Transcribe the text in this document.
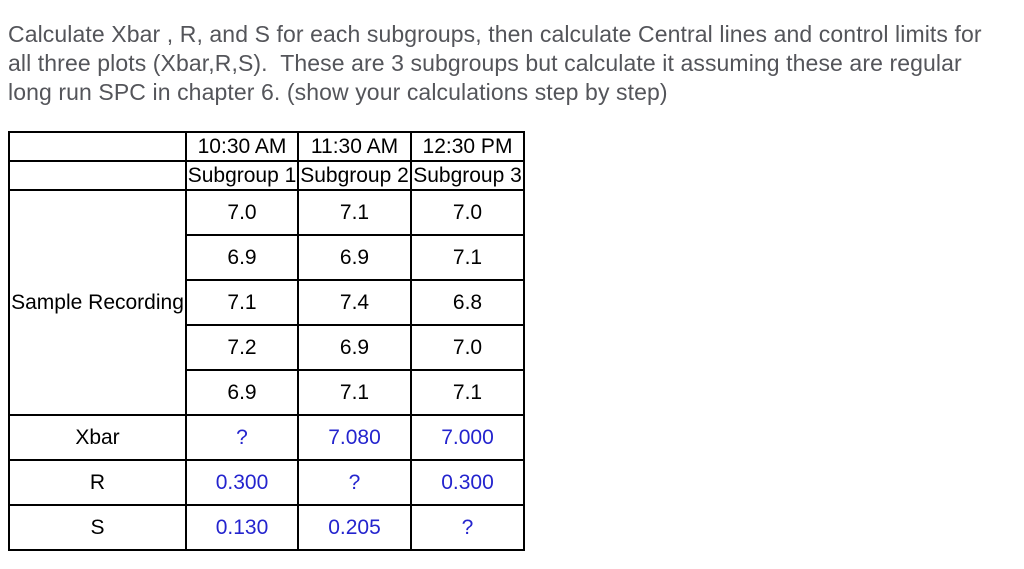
Calculate Xbar , R, and S for each subgroups, then calculate Central lines and control limits for
all three plots (Xbar,R,S).  These are 3 subgroups but calculate it assuming these are regular
long run SPC in chapter 6. (show your calculations step by step)
	10:30 AM	11:30 AM	12:30 PM
	Subgroup 1	Subgroup 2	Subgroup 3
Sample Recording	7.0	7.1	7.0
	6.9	6.9	7.1
	7.1	7.4	6.8
	7.2	6.9	7.0
	6.9	7.1	7.1
Xbar	?	7.080	7.000
R	0.300	?	0.300
S	0.130	0.205	?
